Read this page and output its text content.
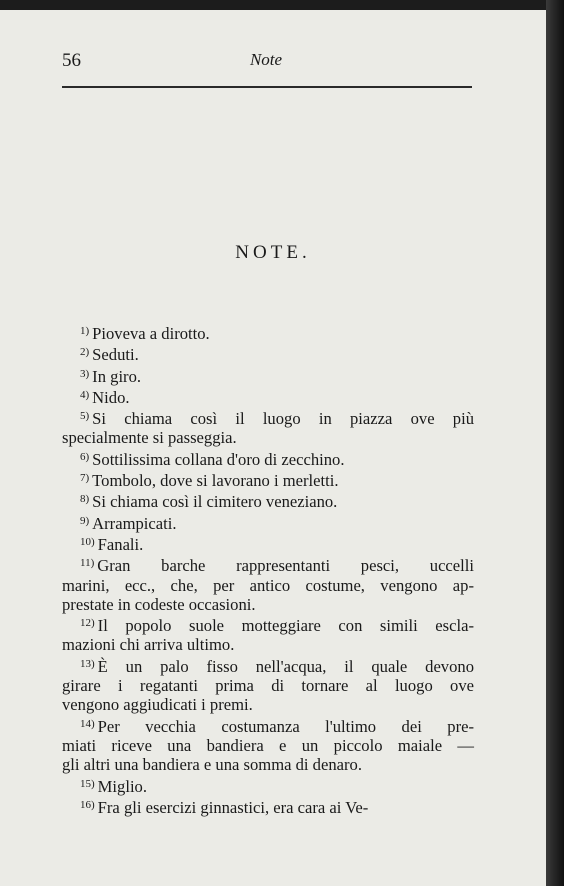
56	Note
NOTE.
$^{1)}$ Pioveva a dirotto.
$^{2)}$ Seduti.
$^{3)}$ In giro.
$^{4)}$ Nido.
$^{5)}$ Si chiama così il luogo in piazza ove più
specialmente si passeggia.
$^{6)}$ Sottilissima collana d'oro di zecchino.
$^{7)}$ Tombolo, dove si lavorano i merletti.
$^{8)}$ Si chiama così il cimitero veneziano.
$^{9)}$ Arrampicati.
$^{10)}$ Fanali.
$^{11)}$ Gran barche rappresentanti pesci, uccelli
marini, ecc., che, per antico costume, vengono ap-
prestate in codeste occasioni.
$^{12)}$ Il popolo suole motteggiare con simili escla-
mazioni chi arriva ultimo.
$^{13)}$ È un palo fisso nell'acqua, il quale devono
girare i regatanti prima di tornare al luogo ove
vengono aggiudicati i premi.
$^{14)}$ Per vecchia costumanza l'ultimo dei pre-
miati riceve una bandiera e un piccolo maiale —
gli altri una bandiera e una somma di denaro.
$^{15)}$ Miglio.
$^{16)}$ Fra gli esercizi ginnastici, era cara ai Ve-
